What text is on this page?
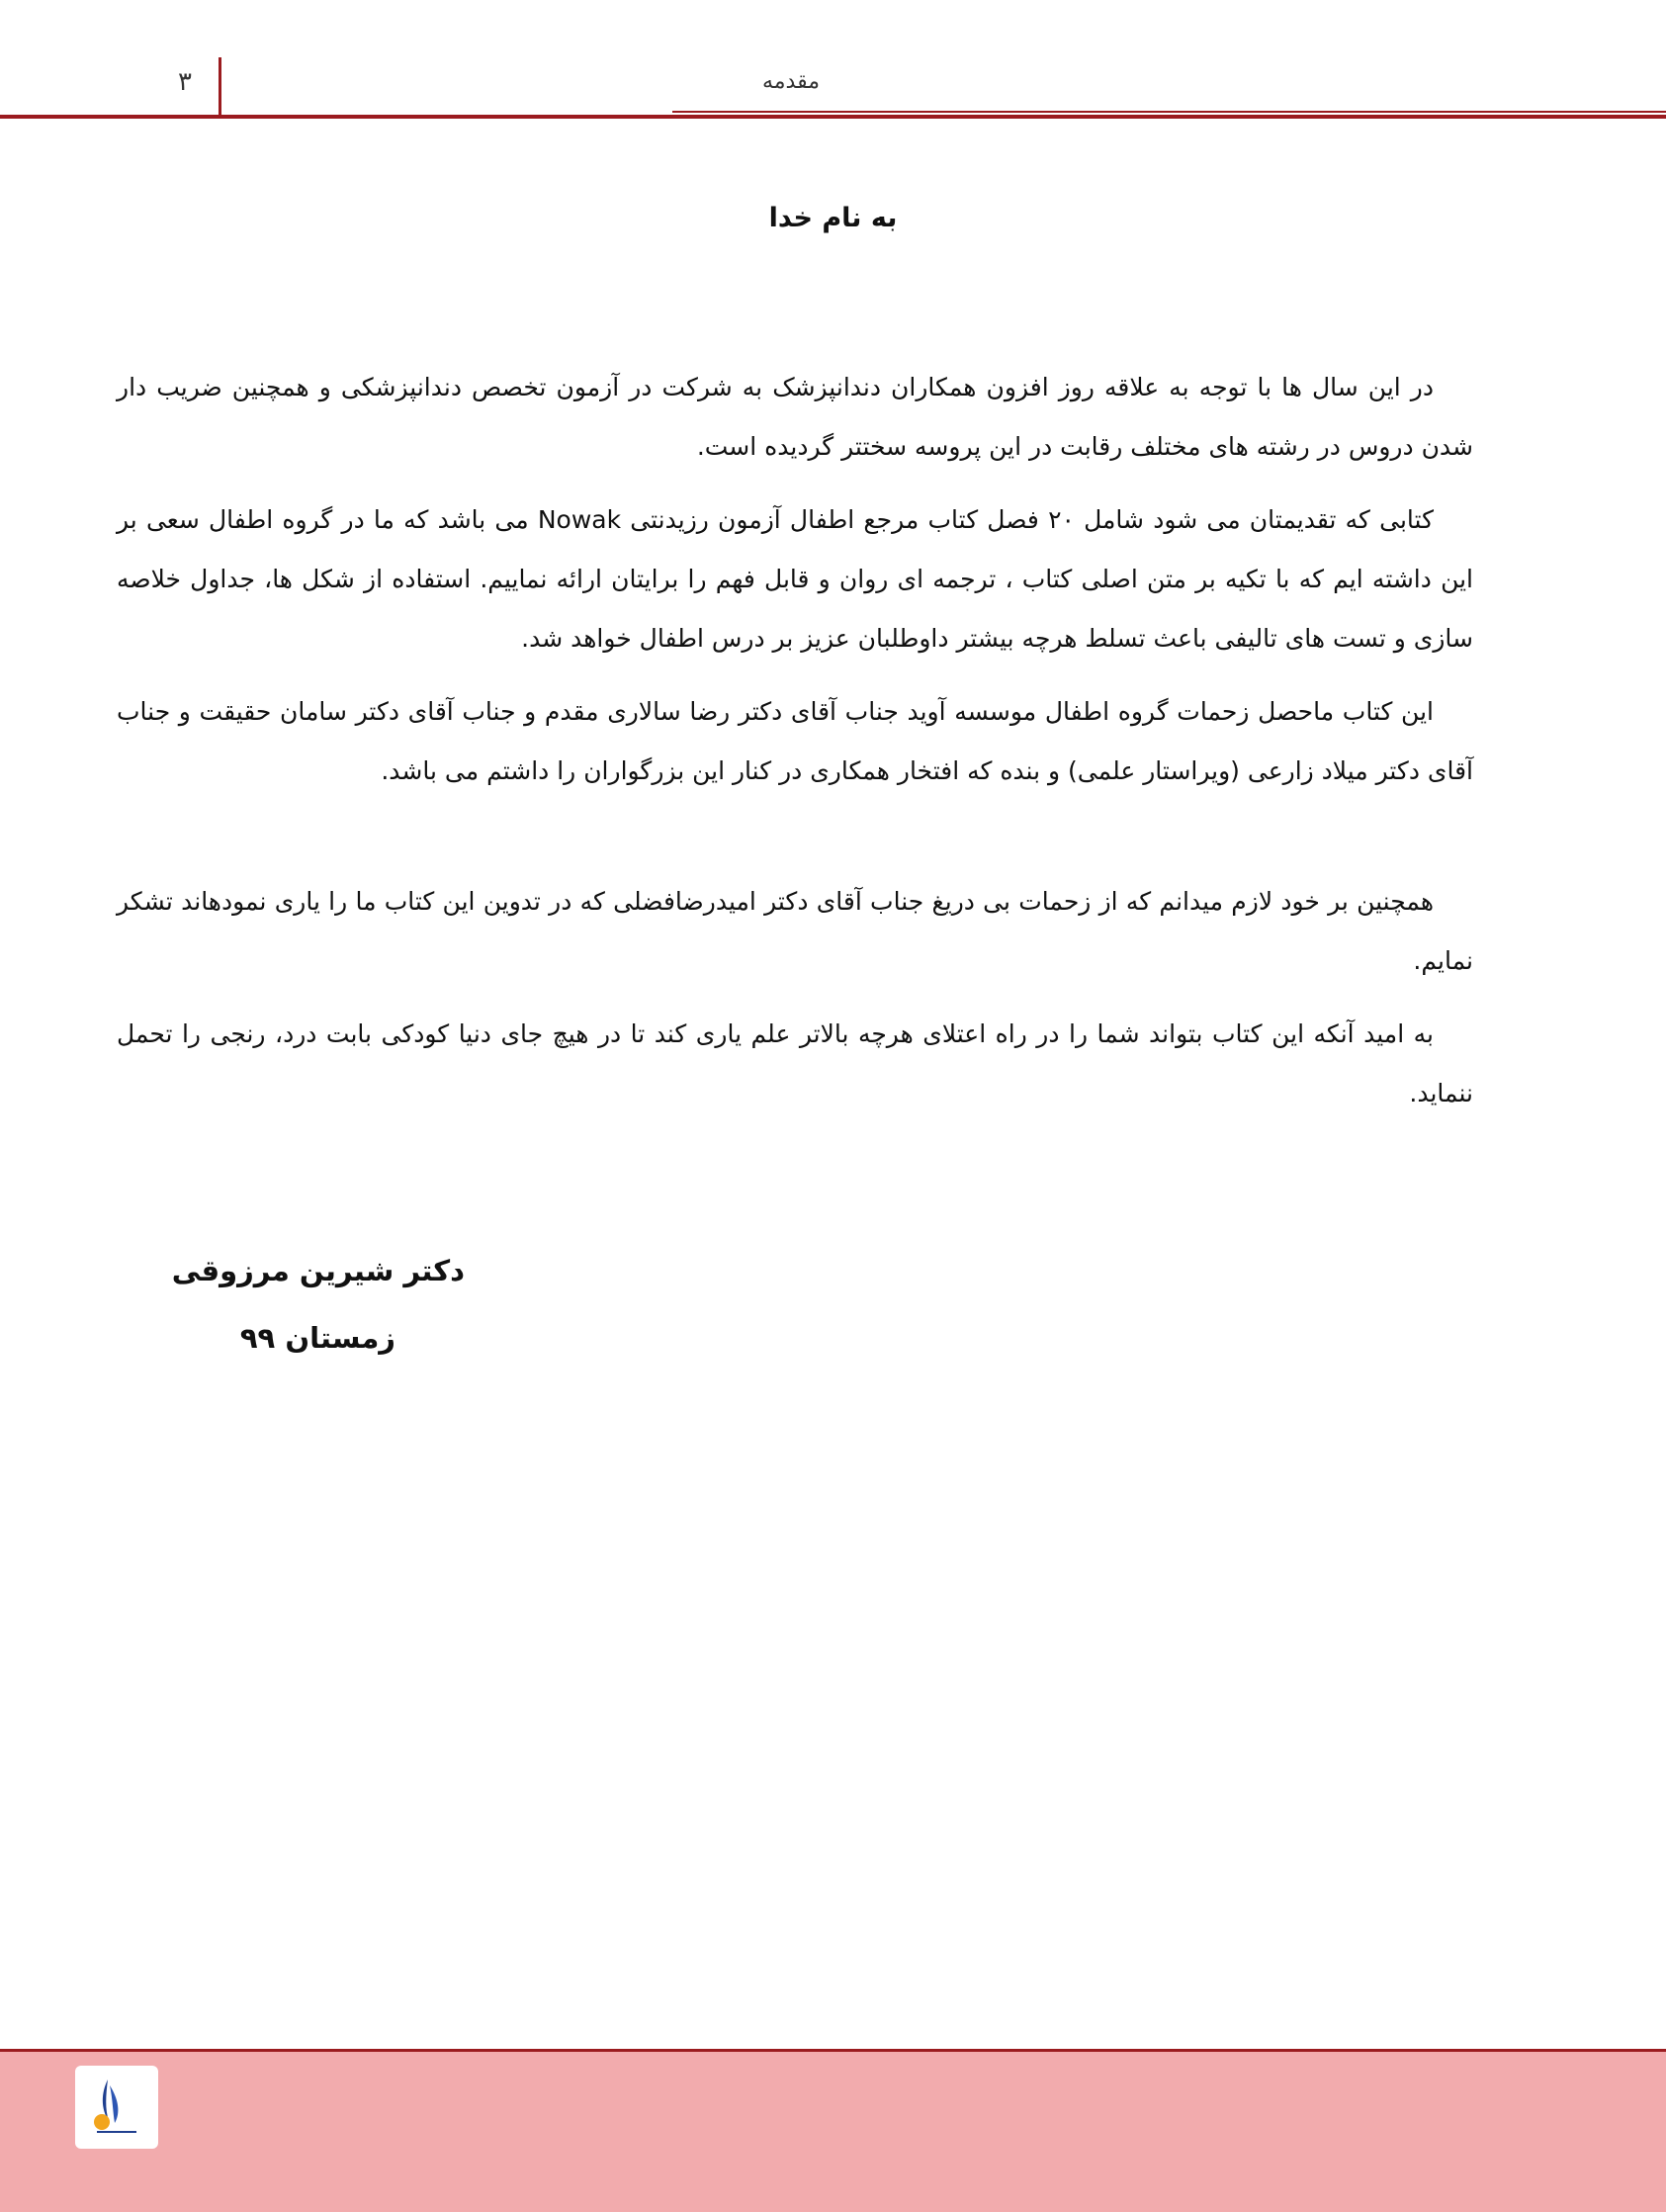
۳	مقدمه
به نام خدا

در این سال ها با توجه به علاقه روز افزون همکاران دندانپزشک به شرکت در آزمون تخصص دندانپزشکی و همچنین ضریب دار شدن دروس در رشته های مختلف رقابت در این پروسه سختتر گردیده است.

کتابی که تقدیمتان می شود شامل ۲۰ فصل کتاب مرجع اطفال آزمون رزیدنتی Nowak می باشد که ما در گروه اطفال سعی بر این داشته ایم که با تکیه بر متن اصلی کتاب ، ترجمه ای روان و قابل فهم را برایتان ارائه نماییم. استفاده از شکل ها، جداول خلاصه سازی و تست های تالیفی باعث تسلط هرچه بیشتر داوطلبان عزیز بر درس اطفال خواهد شد.

این کتاب ماحصل زحمات گروه اطفال موسسه آوید جناب آقای دکتر رضا سالاری مقدم و جناب آقای دکتر سامان حقیقت و جناب آقای دکتر میلاد زارعی (ویراستار علمی) و بنده که افتخار همکاری در کنار این بزرگواران را داشتم می باشد.

همچنین بر خود لازم میدانم که از زحمات بی دریغ جناب آقای دکتر امیدرضافضلی که در تدوین این کتاب ما را یاری نمودهاند تشکر نمایم.

به امید آنکه این کتاب بتواند شما را در راه اعتلای هرچه بالاتر علم یاری کند تا در هیچ جای دنیا کودکی بابت درد، رنجی را تحمل ننماید.

دکتر شیرین مرزوقی
زمستان ۹۹
